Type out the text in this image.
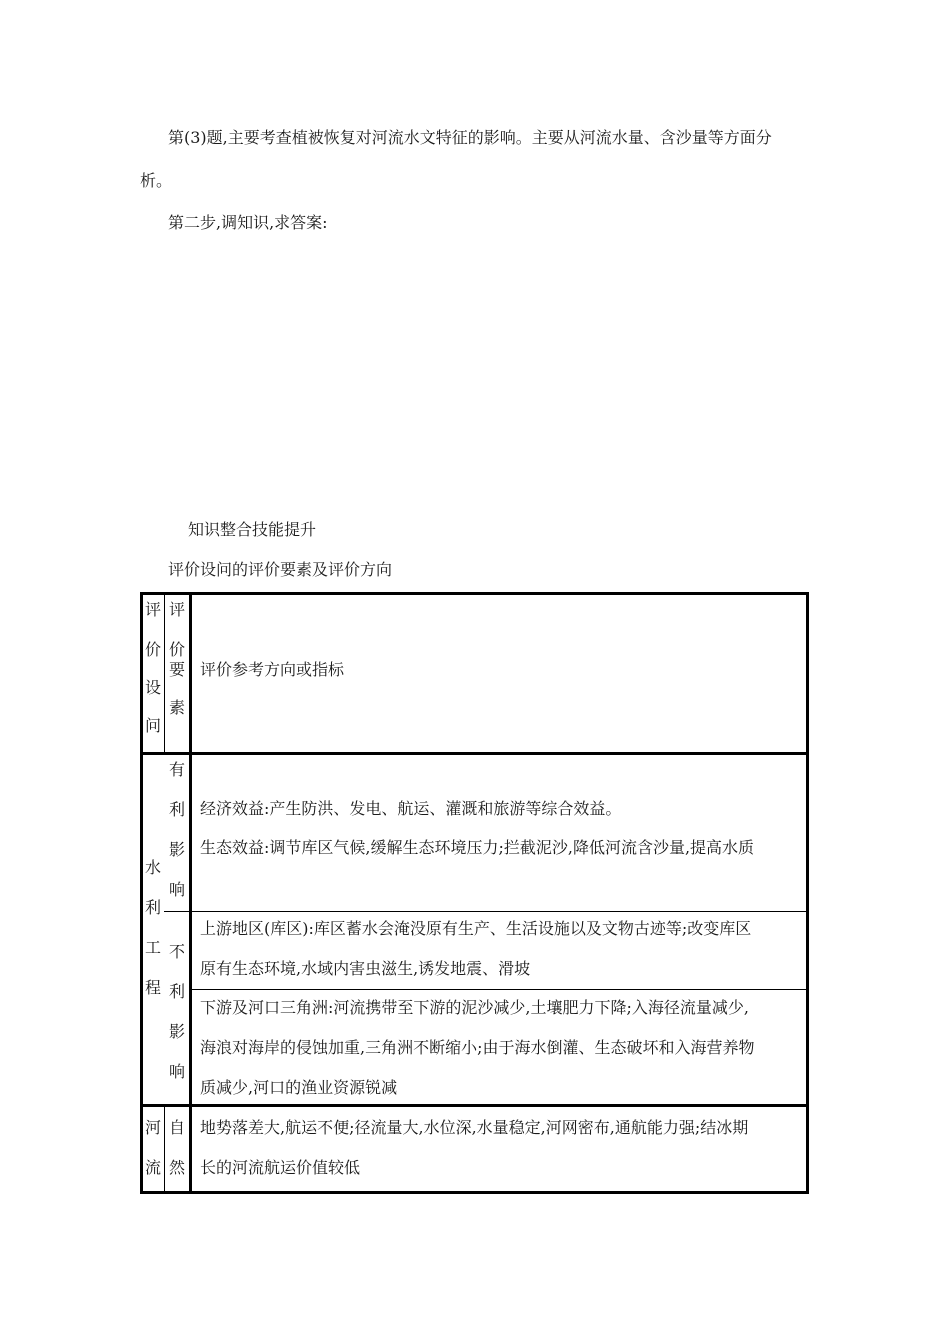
第(3)题,主要考查植被恢复对河流水文特征的影响。主要从河流水量、含沙量等方面分
析。
第二步,调知识,求答案:
知识整合技能提升
评价设问的评价要素及评价方向
评
价
设
问
评
价
要
素
评价参考方向或指标
水
利
工
程
有
利
影
响
经济效益:产生防洪、发电、航运、灌溉和旅游等综合效益。
生态效益:调节库区气候,缓解生态环境压力;拦截泥沙,降低河流含沙量,提高水质
不
利
影
响
上游地区(库区):库区蓄水会淹没原有生产、生活设施以及文物古迹等;改变库区
原有生态环境,水域内害虫滋生,诱发地震、滑坡
下游及河口三角洲:河流携带至下游的泥沙减少,土壤肥力下降;入海径流量减少,
海浪对海岸的侵蚀加重,三角洲不断缩小;由于海水倒灌、生态破坏和入海营养物
质减少,河口的渔业资源锐减
河
流
自
然
地势落差大,航运不便;径流量大,水位深,水量稳定,河网密布,通航能力强;结冰期
长的河流航运价值较低
